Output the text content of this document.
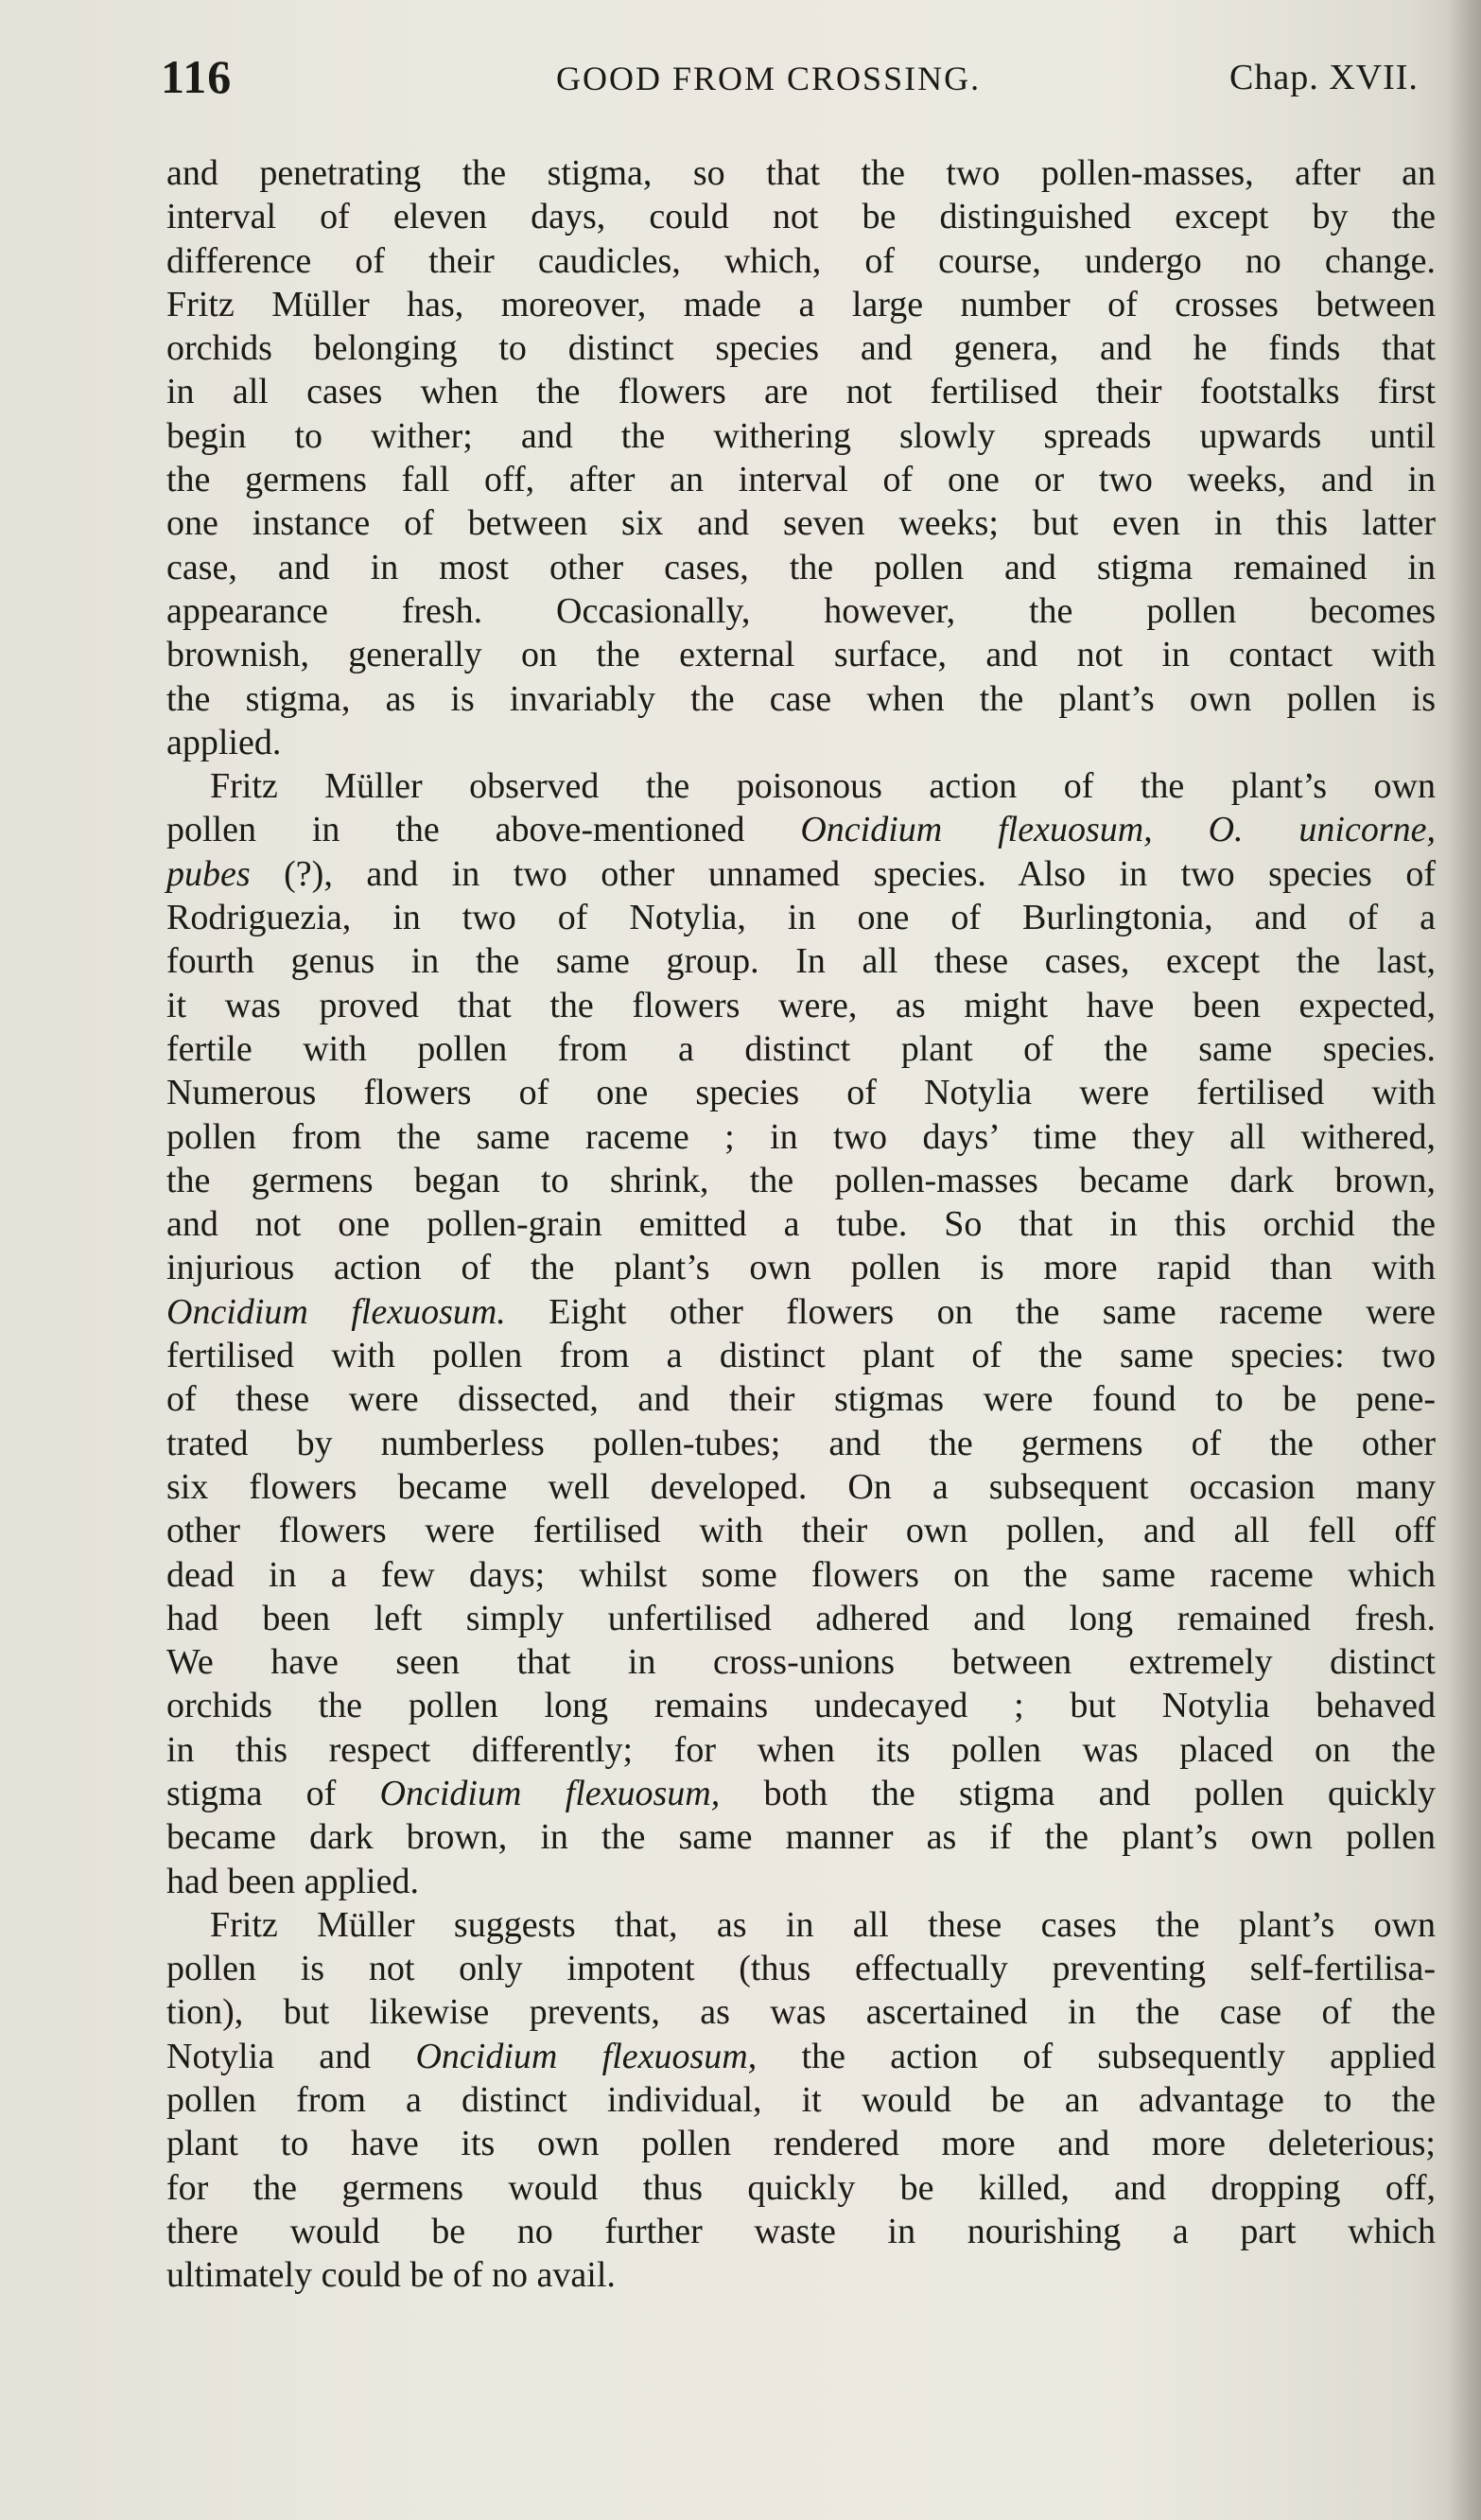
116	GOOD FROM CROSSING.	Chap. XVII.
and penetrating the stigma, so that the two pollen-masses, after an
interval of eleven days, could not be distinguished except by the
difference of their caudicles, which, of course, undergo no change.
Fritz Müller has, moreover, made a large number of crosses between
orchids belonging to distinct species and genera, and he finds that
in all cases when the flowers are not fertilised their footstalks first
begin to wither; and the withering slowly spreads upwards until
the germens fall off, after an interval of one or two weeks, and in
one instance of between six and seven weeks; but even in this latter
case, and in most other cases, the pollen and stigma remained in
appearance fresh. Occasionally, however, the pollen becomes
brownish, generally on the external surface, and not in contact with
the stigma, as is invariably the case when the plant’s own pollen is
applied.
Fritz Müller observed the poisonous action of the plant’s own
pollen in the above-mentioned Oncidium flexuosum, O. unicorne,
pubes (?), and in two other unnamed species. Also in two species of
Rodriguezia, in two of Notylia, in one of Burlingtonia, and of a
fourth genus in the same group. In all these cases, except the last,
it was proved that the flowers were, as might have been expected,
fertile with pollen from a distinct plant of the same species.
Numerous flowers of one species of Notylia were fertilised with
pollen from the same raceme ; in two days’ time they all withered,
the germens began to shrink, the pollen-masses became dark brown,
and not one pollen-grain emitted a tube. So that in this orchid the
injurious action of the plant’s own pollen is more rapid than with
Oncidium flexuosum. Eight other flowers on the same raceme were
fertilised with pollen from a distinct plant of the same species: two
of these were dissected, and their stigmas were found to be pene-
trated by numberless pollen-tubes; and the germens of the other
six flowers became well developed. On a subsequent occasion many
other flowers were fertilised with their own pollen, and all fell off
dead in a few days; whilst some flowers on the same raceme which
had been left simply unfertilised adhered and long remained fresh.
We have seen that in cross-unions between extremely distinct
orchids the pollen long remains undecayed ; but Notylia behaved
in this respect differently; for when its pollen was placed on the
stigma of Oncidium flexuosum, both the stigma and pollen quickly
became dark brown, in the same manner as if the plant’s own pollen
had been applied.
Fritz Müller suggests that, as in all these cases the plant’s own
pollen is not only impotent (thus effectually preventing self-fertilisa-
tion), but likewise prevents, as was ascertained in the case of the
Notylia and Oncidium flexuosum, the action of subsequently applied
pollen from a distinct individual, it would be an advantage to the
plant to have its own pollen rendered more and more deleterious;
for the germens would thus quickly be killed, and dropping off,
there would be no further waste in nourishing a part which
ultimately could be of no avail.
